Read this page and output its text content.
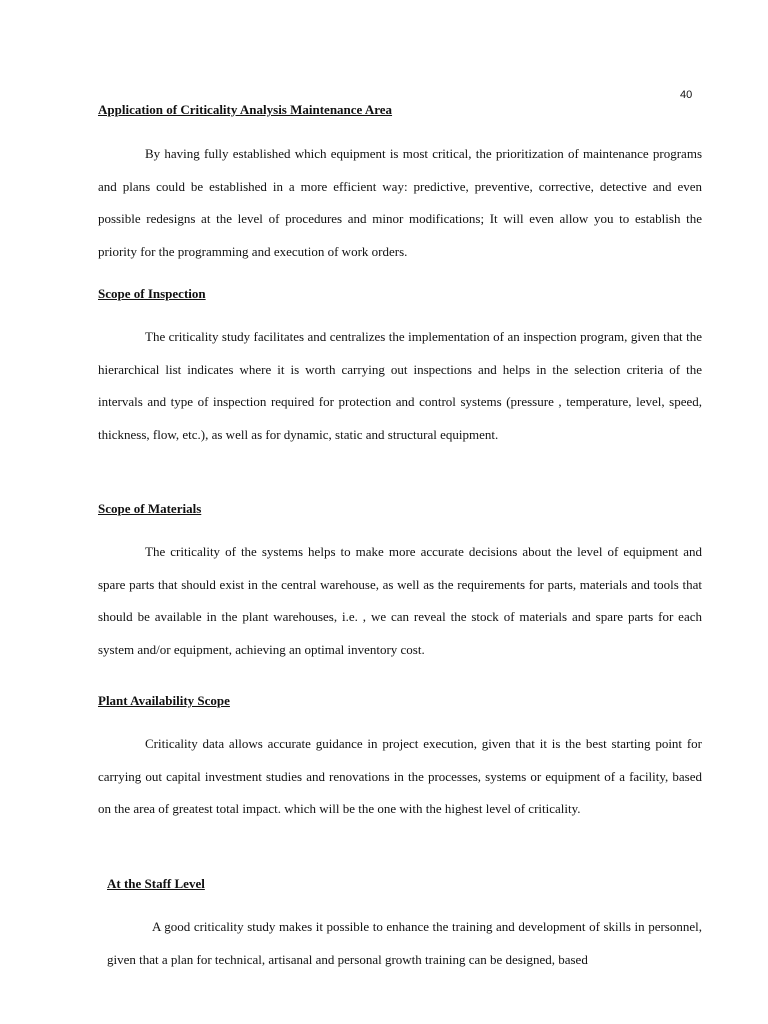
40
Application of Criticality Analysis Maintenance Area

By having fully established which equipment is most critical, the prioritization of maintenance programs and plans could be established in a more efficient way: predictive, preventive, corrective, detective and even possible redesigns at the level of procedures and minor modifications; It will even allow you to establish the priority for the programming and execution of work orders.

Scope of Inspection

The criticality study facilitates and centralizes the implementation of an inspection program, given that the hierarchical list indicates where it is worth carrying out inspections and helps in the selection criteria of the intervals and type of inspection required for protection and control systems (pressure , temperature, level, speed, thickness, flow, etc.), as well as for dynamic, static and structural equipment.

Scope of Materials

The criticality of the systems helps to make more accurate decisions about the level of equipment and spare parts that should exist in the central warehouse, as well as the requirements for parts, materials and tools that should be available in the plant warehouses, i.e. , we can reveal the stock of materials and spare parts for each system and/or equipment, achieving an optimal inventory cost.

Plant Availability Scope

Criticality data allows accurate guidance in project execution, given that it is the best starting point for carrying out capital investment studies and renovations in the processes, systems or equipment of a facility, based on the area of greatest total impact. which will be the one with the highest level of criticality.

At the Staff Level

A good criticality study makes it possible to enhance the training and development of skills in personnel, given that a plan for technical, artisanal and personal growth training can be designed, based
